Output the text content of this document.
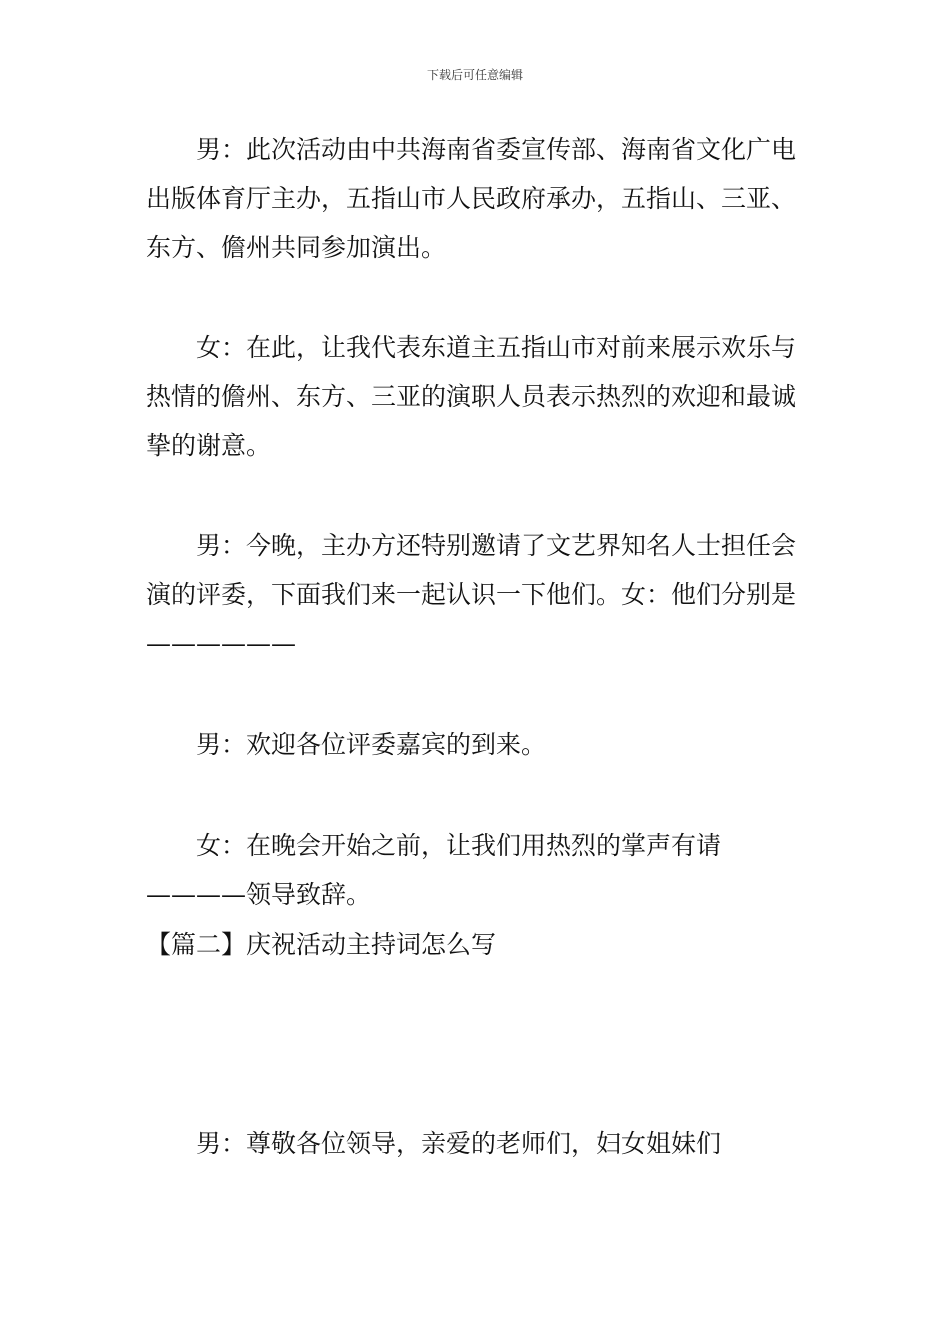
下载后可任意编辑

男：此次活动由中共海南省委宣传部、海南省文化广电出版体育厅主办，五指山市人民政府承办，五指山、三亚、东方、儋州共同参加演出。

女：在此，让我代表东道主五指山市对前来展示欢乐与热情的儋州、东方、三亚的演职人员表示热烈的欢迎和最诚挚的谢意。

男：今晚，主办方还特别邀请了文艺界知名人士担任会演的评委，下面我们来一起认识一下他们。女：他们分别是——————

男：欢迎各位评委嘉宾的到来。

女：在晚会开始之前，让我们用热烈的掌声有请————领导致辞。

【篇二】庆祝活动主持词怎么写

男：尊敬各位领导，亲爱的老师们，妇女姐妹们
